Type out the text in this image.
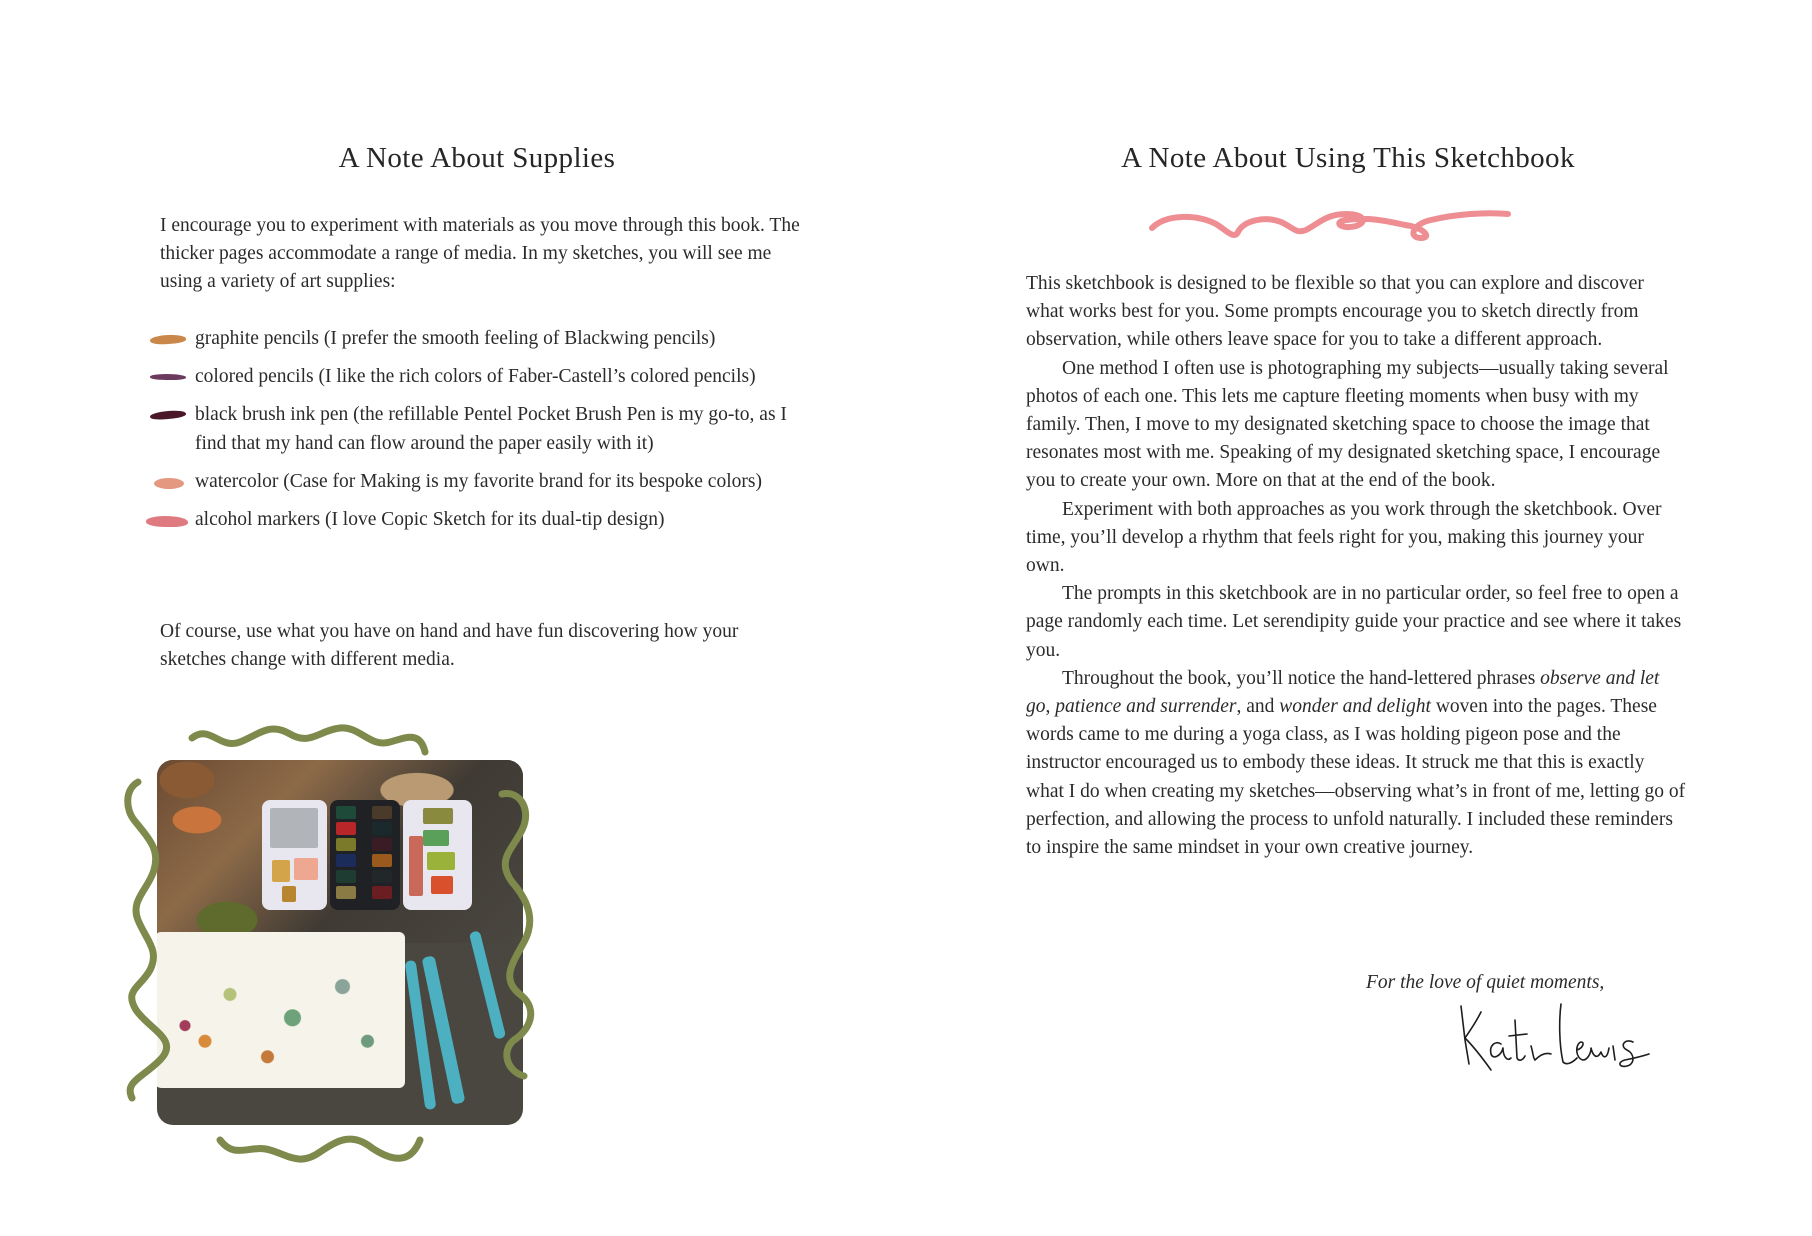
A Note About Supplies

I encourage you to experiment with materials as you move through this book. The thicker pages accommodate a range of media. In my sketches, you will see me using a variety of art supplies:

graphite pencils (I prefer the smooth feeling of Blackwing pencils)
colored pencils (I like the rich colors of Faber-Castell’s colored pencils)
black brush ink pen (the refillable Pentel Pocket Brush Pen is my go-to, as I find that my hand can flow around the paper easily with it)
watercolor (Case for Making is my favorite brand for its bespoke colors)
alcohol markers (I love Copic Sketch for its dual-tip design)

Of course, use what you have on hand and have fun discovering how your sketches change with different media.

A Note About Using This Sketchbook

This sketchbook is designed to be flexible so that you can explore and discover what works best for you. Some prompts encourage you to sketch directly from observation, while others leave space for you to take a different approach.

One method I often use is photographing my subjects—usually taking several photos of each one. This lets me capture fleeting moments when busy with my family. Then, I move to my designated sketching space to choose the image that resonates most with me. Speaking of my designated sketching space, I encourage you to create your own. More on that at the end of the book.

Experiment with both approaches as you work through the sketchbook. Over time, you’ll develop a rhythm that feels right for you, making this journey your own.

The prompts in this sketchbook are in no particular order, so feel free to open a page randomly each time. Let serendipity guide your practice and see where it takes you.

Throughout the book, you’ll notice the hand-lettered phrases observe and let go, patience and surrender, and wonder and delight woven into the pages. These words came to me during a yoga class, as I was holding pigeon pose and the instructor encouraged us to embody these ideas. It struck me that this is exactly what I do when creating my sketches—observing what’s in front of me, letting go of perfection, and allowing the process to unfold naturally. I included these reminders to inspire the same mindset in your own creative journey.

For the love of quiet moments,
